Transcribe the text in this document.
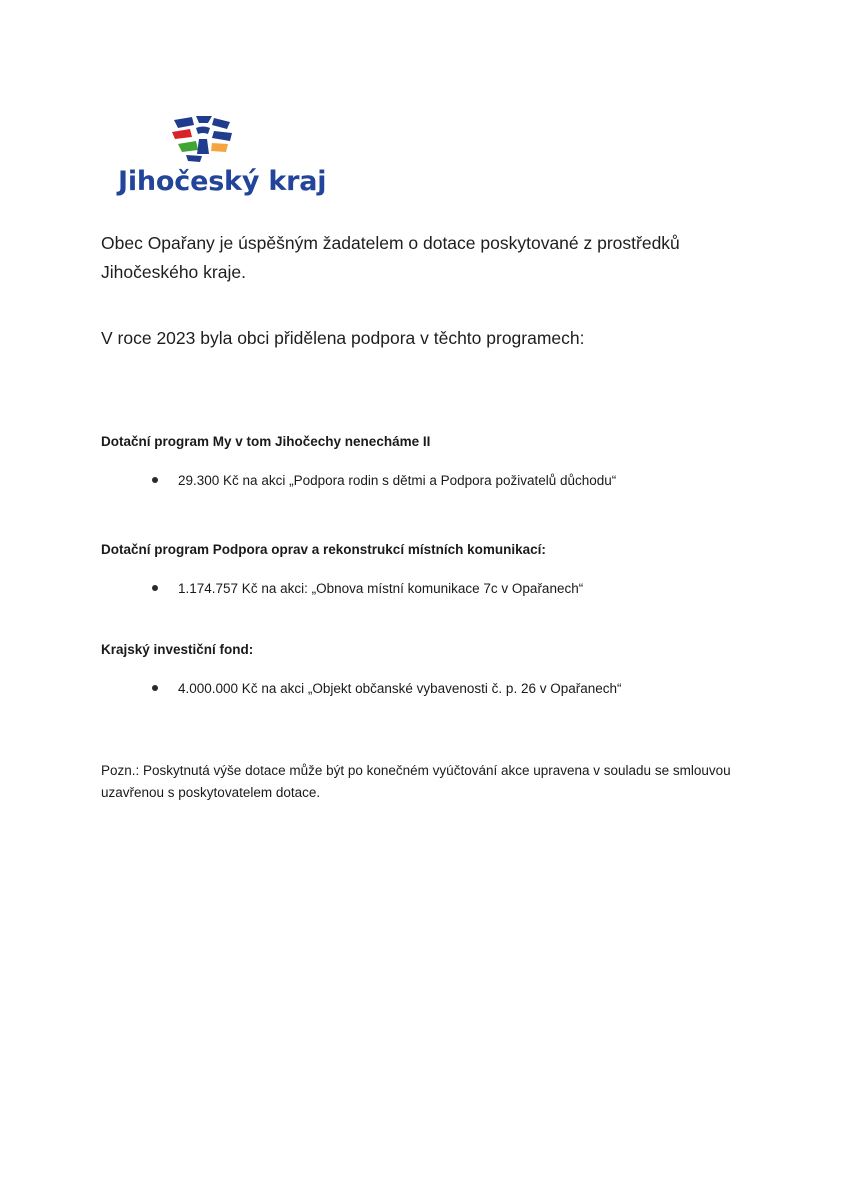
Jihočeský kraj
Obec Opařany je úspěšným žadatelem o dotace poskytované z prostředků Jihočeského kraje.
V roce 2023 byla obci přidělena podpora v těchto programech:
Dotační program My v tom Jihočechy nenecháme II
29.300 Kč na akci „Podpora rodin s dětmi a Podpora poživatelů důchodu“
Dotační program Podpora oprav a rekonstrukcí místních komunikací:
1.174.757 Kč na akci: „Obnova místní komunikace 7c v Opařanech“
Krajský investiční fond:
4.000.000 Kč na akci „Objekt občanské vybavenosti č. p. 26 v Opařanech“
Pozn.: Poskytnutá výše dotace může být po konečném vyúčtování akce upravena v souladu se smlouvou uzavřenou s poskytovatelem dotace.
